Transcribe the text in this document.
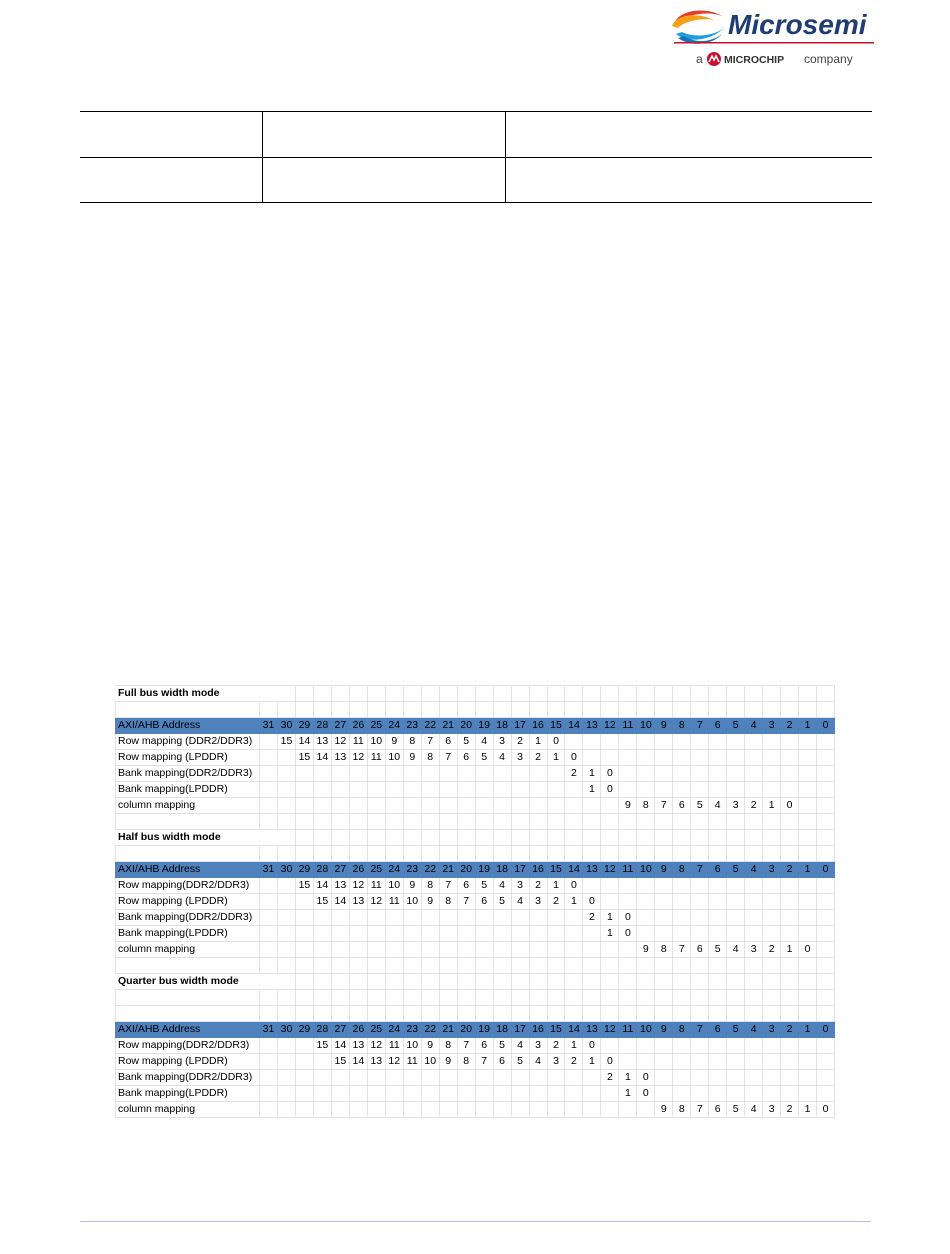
Microsemi
a MICROCHIP company

Full bus width mode																																

AXI/AHB Address	31	30	29	28	27	26	25	24	23	22	21	20	19	18	17	16	15	14	13	12	11	10	9	8	7	6	5	4	3	2	1	0
Row mapping (DDR2/DDR3)		15	14	13	12	11	10	9	8	7	6	5	4	3	2	1	0															
Row mapping (LPDDR)			15	14	13	12	11	10	9	8	7	6	5	4	3	2	1	0														
Bank mapping(DDR2/DDR3)																		2	1	0												
Bank mapping(LPDDR)																			1	0												
column mapping																					9	8	7	6	5	4	3	2	1	0		

Half bus width mode																																

AXI/AHB Address	31	30	29	28	27	26	25	24	23	22	21	20	19	18	17	16	15	14	13	12	11	10	9	8	7	6	5	4	3	2	1	0
Row mapping(DDR2/DDR3)			15	14	13	12	11	10	9	8	7	6	5	4	3	2	1	0														
Row mapping (LPDDR)				15	14	13	12	11	10	9	8	7	6	5	4	3	2	1	0													
Bank mapping(DDR2/DDR3)																			2	1	0											
Bank mapping(LPDDR)																				1	0											
column mapping																						9	8	7	6	5	4	3	2	1	0	

Quarter bus width mode																																

AXI/AHB Address	31	30	29	28	27	26	25	24	23	22	21	20	19	18	17	16	15	14	13	12	11	10	9	8	7	6	5	4	3	2	1	0
Row mapping(DDR2/DDR3)				15	14	13	12	11	10	9	8	7	6	5	4	3	2	1	0													
Row mapping (LPDDR)					15	14	13	12	11	10	9	8	7	6	5	4	3	2	1	0												
Bank mapping(DDR2/DDR3)																				2	1	0										
Bank mapping(LPDDR)																					1	0										
column mapping																							9	8	7	6	5	4	3	2	1	0
